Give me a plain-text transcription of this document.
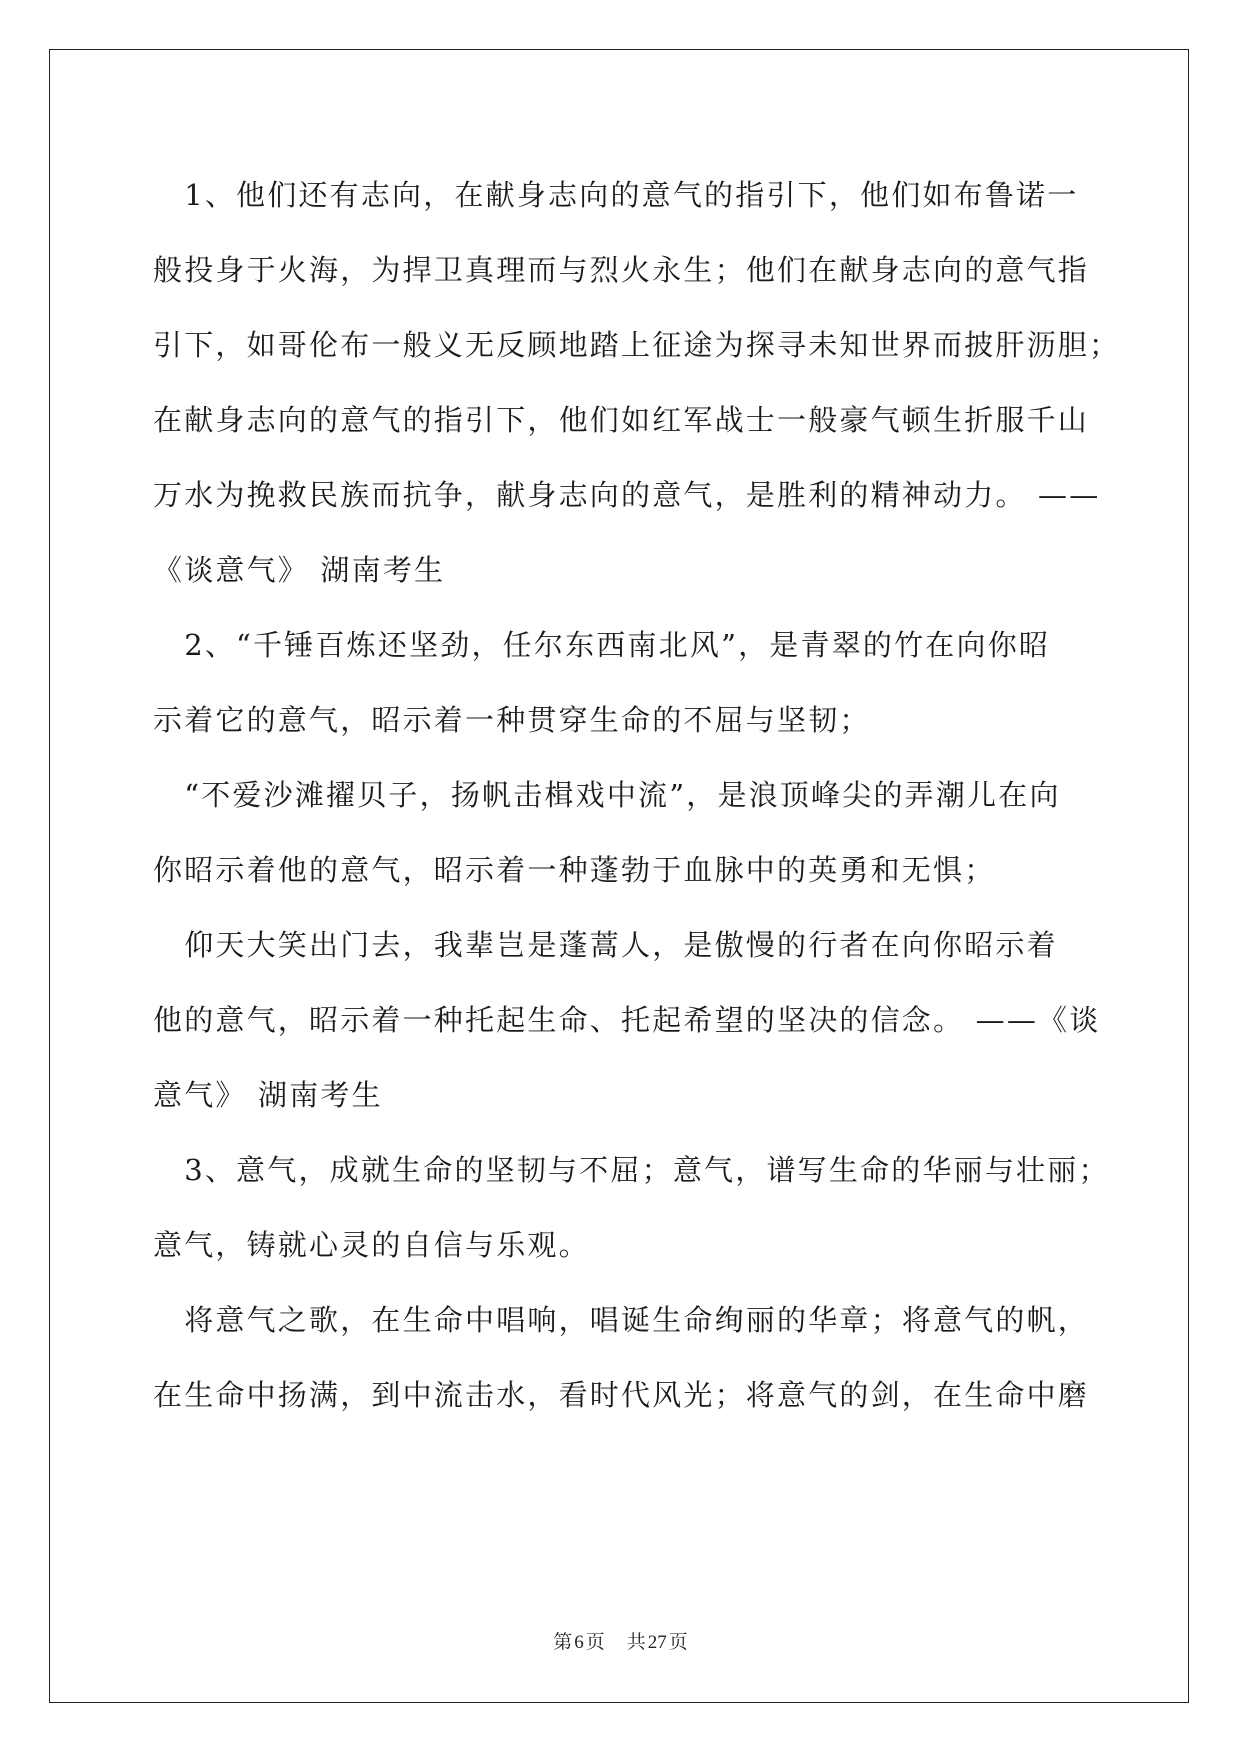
　1、他们还有志向，在献身志向的意气的指引下，他们如布鲁诺一
般投身于火海，为捍卫真理而与烈火永生；他们在献身志向的意气指
引下，如哥伦布一般义无反顾地踏上征途为探寻未知世界而披肝沥胆；
在献身志向的意气的指引下，他们如红军战士一般豪气顿生折服千山
万水为挽救民族而抗争，献身志向的意气，是胜利的精神动力。 ——
《谈意气》 湖南考生
　2、“千锤百炼还坚劲，任尔东西南北风”，是青翠的竹在向你昭
示着它的意气，昭示着一种贯穿生命的不屈与坚韧；
　“不爱沙滩擢贝子，扬帆击楫戏中流”，是浪顶峰尖的弄潮儿在向
你昭示着他的意气，昭示着一种蓬勃于血脉中的英勇和无惧；
　仰天大笑出门去，我辈岂是蓬蒿人，是傲慢的行者在向你昭示着
他的意气，昭示着一种托起生命、托起希望的坚决的信念。 ——《谈
意气》 湖南考生
　3、意气，成就生命的坚韧与不屈；意气，谱写生命的华丽与壮丽；
意气，铸就心灵的自信与乐观。
　将意气之歌，在生命中唱响，唱诞生命绚丽的华章；将意气的帆，
在生命中扬满，到中流击水，看时代风光；将意气的剑，在生命中磨
第 6 页 共 27 页
